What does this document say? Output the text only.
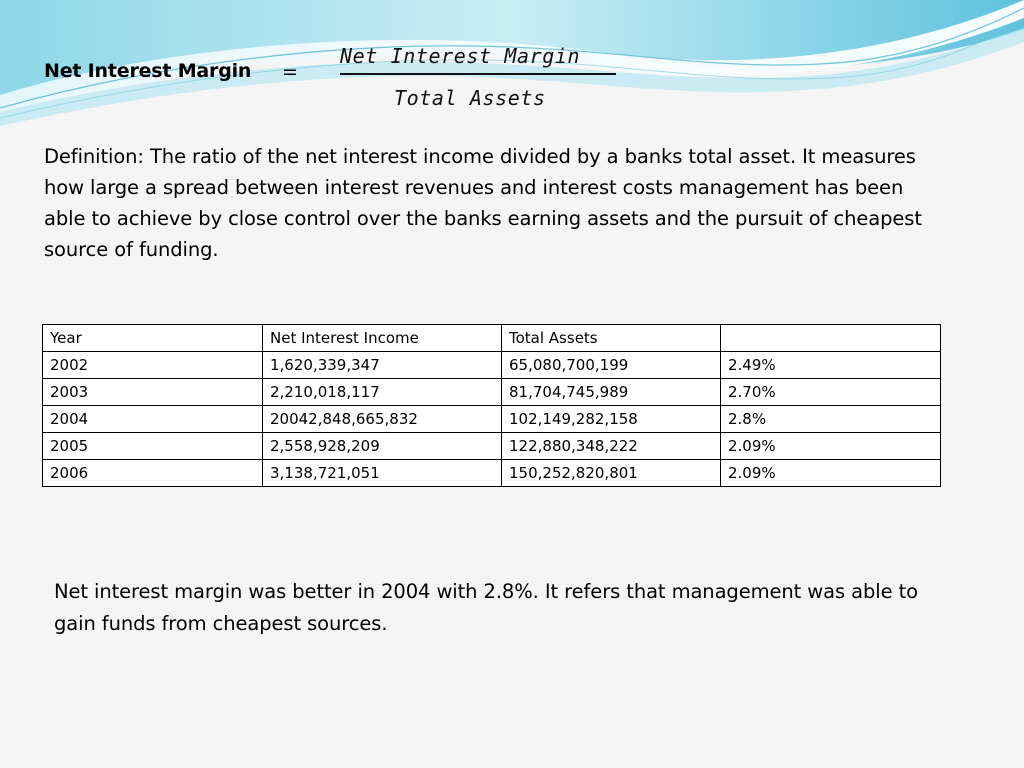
Net Interest Margin =
Net Interest Margin
Total Assets
Definition: The ratio of the net interest income divided by a banks total asset. It measures how large a spread between interest revenues and interest costs management has been able to achieve by close control over the banks earning assets and the pursuit of cheapest source of funding.
Year	Net Interest Income	Total Assets	
2002	1,620,339,347	65,080,700,199	2.49%
2003	2,210,018,117	81,704,745,989	2.70%
2004	20042,848,665,832	102,149,282,158	2.8%
2005	2,558,928,209	122,880,348,222	2.09%
2006	3,138,721,051	150,252,820,801	2.09%
Net interest margin was better in 2004 with 2.8%. It refers that management was able to gain funds from cheapest sources.
